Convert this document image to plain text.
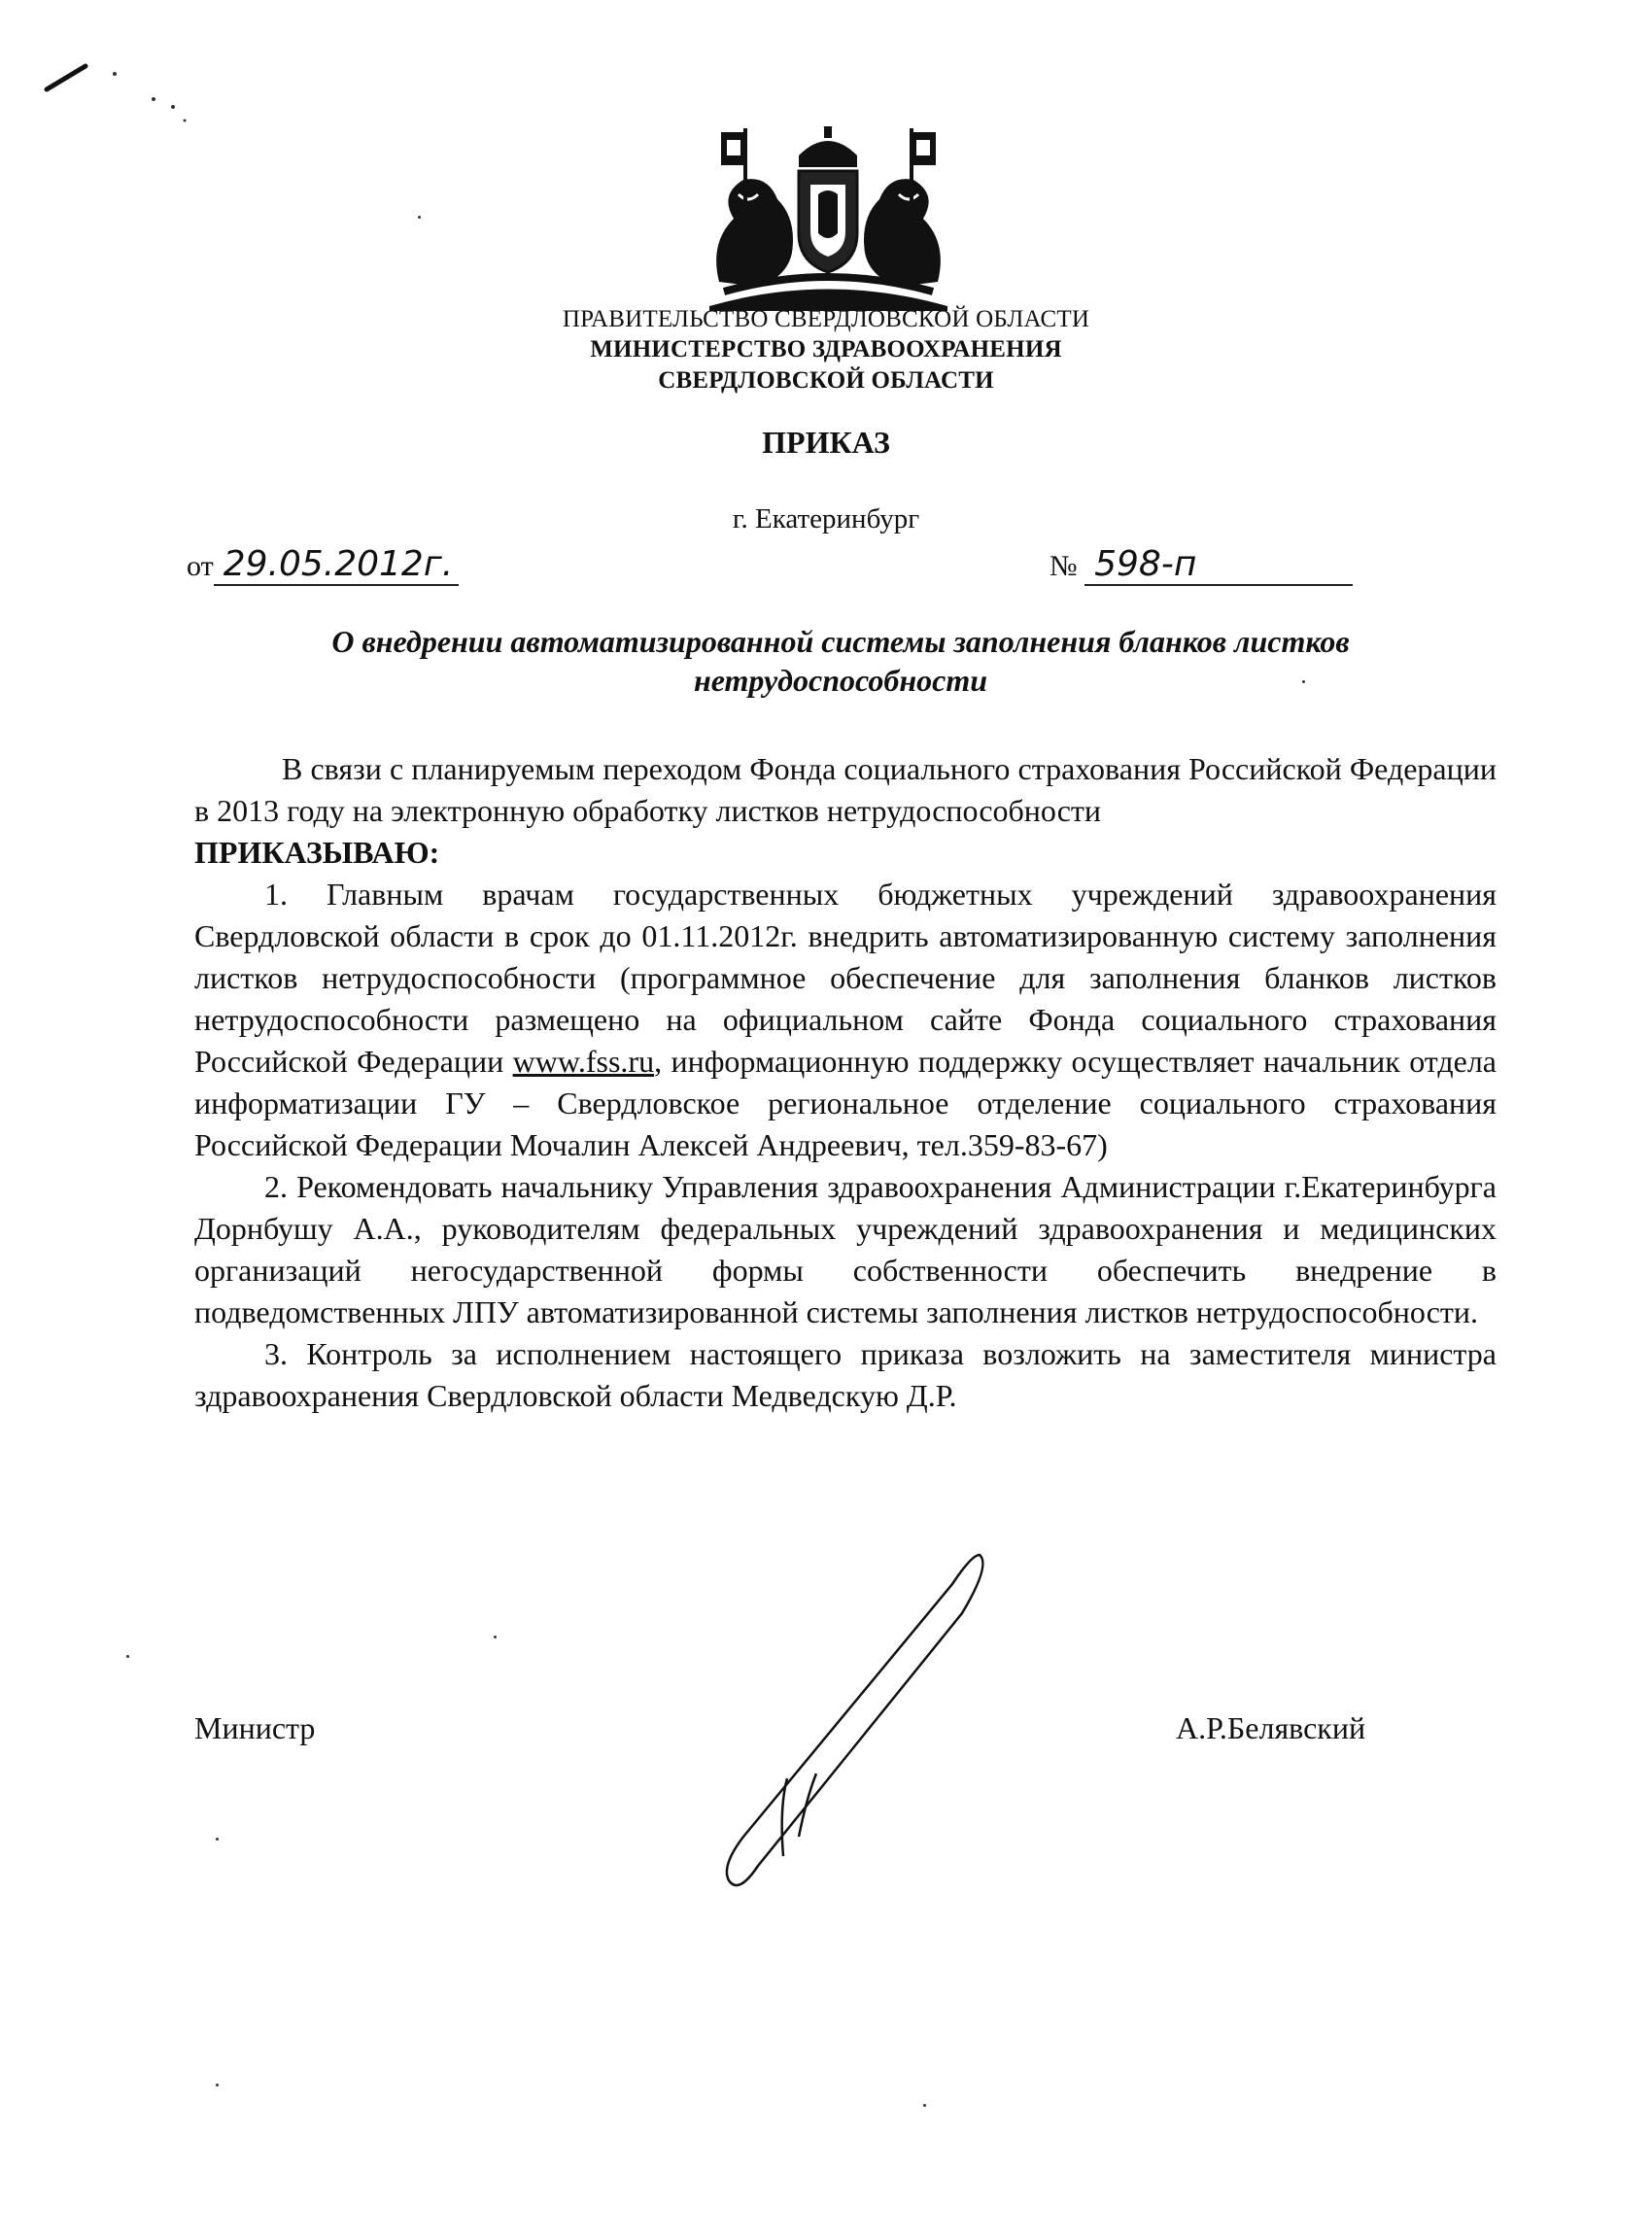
ПРАВИТЕЛЬСТВО СВЕРДЛОВСКОЙ ОБЛАСТИ
МИНИСТЕРСТВО ЗДРАВООХРАНЕНИЯ
СВЕРДЛОВСКОЙ ОБЛАСТИ
ПРИКАЗ
г. Екатеринбург
от 29.05.2012г.	№ 598-п
О внедрении автоматизированной системы заполнения бланков листков
нетрудоспособности

В связи с планируемым переходом Фонда социального страхования Российской Федерации в 2013 году на электронную обработку листков нетрудоспособности

ПРИКАЗЫВАЮ:

1. Главным врачам государственных бюджетных учреждений здравоохранения Свердловской области в срок до 01.11.2012г. внедрить автоматизированную систему заполнения листков нетрудоспособности (программное обеспечение для заполнения бланков листков нетрудоспособности размещено на официальном сайте Фонда социального страхования Российской Федерации www.fss.ru, информационную поддержку осуществляет начальник отдела информатизации ГУ – Свердловское региональное отделение социального страхования Российской Федерации Мочалин Алексей Андреевич, тел.359-83-67)

2. Рекомендовать начальнику Управления здравоохранения Администрации г.Екатеринбурга Дорнбушу А.А., руководителям федеральных учреждений здравоохранения и медицинских организаций негосударственной формы собственности обеспечить внедрение в подведомственных ЛПУ автоматизированной системы заполнения листков нетрудоспособности.

3. Контроль за исполнением настоящего приказа возложить на заместителя министра здравоохранения Свердловской области Медведскую Д.Р.

Министр	А.Р.Белявский
